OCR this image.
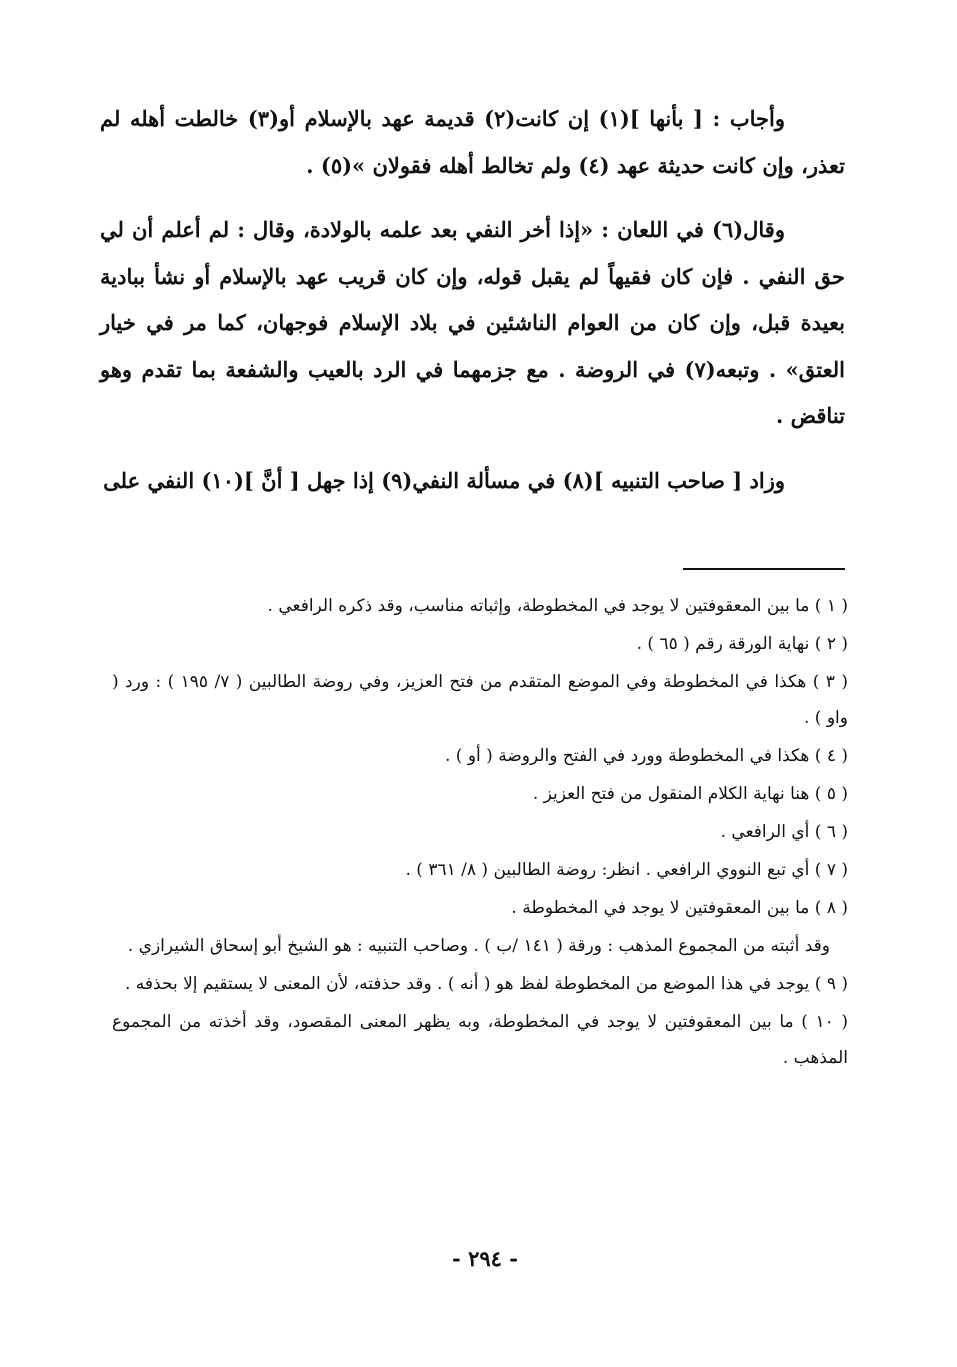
وأجاب : [ بأنها ](١) إن كانت(٢) قديمة عهد بالإسلام أو(٣) خالطت أهله لم تعذر، وإن كانت حديثة عهد (٤) ولم تخالط أهله فقولان »(٥) .

وقال(٦) في اللعان : «إذا أخر النفي بعد علمه بالولادة، وقال : لم أعلم أن لي حق النفي . فإن كان فقيهاً لم يقبل قوله، وإن كان قريب عهد بالإسلام أو نشأ ببادية بعيدة قبل، وإن كان من العوام الناشئين في بلاد الإسلام فوجهان، كما مر في خيار العتق» . وتبعه(٧) في الروضة . مع جزمهما في الرد بالعيب والشفعة بما تقدم وهو تناقض .

وزاد [ صاحب التنبيه ](٨) في مسألة النفي(٩) إذا جهل [ أنَّ ](١٠) النفي على

( ١ ) ما بين المعقوفتين لا يوجد في المخطوطة، وإثباته مناسب، وقد ذكره الرافعي .
( ٢ ) نهاية الورقة رقم ( ٦٥ ) .
( ٣ ) هكذا في المخطوطة وفي الموضع المتقدم من فتح العزيز، وفي روضة الطالبين ( ٧/ ١٩٥ ) : ورد ( واو ) .
( ٤ ) هكذا في المخطوطة وورد في الفتح والروضة ( أو ) .
( ٥ ) هنا نهاية الكلام المنقول من فتح العزيز .
( ٦ ) أي الرافعي .
( ٧ ) أي تبع النووي الرافعي . انظر: روضة الطالبين ( ٨/ ٣٦١ ) .
( ٨ ) ما بين المعقوفتين لا يوجد في المخطوطة .
وقد أثبته من المجموع المذهب : ورقة ( ١٤١ /ب ) . وصاحب التنبيه : هو الشيخ أبو إسحاق الشيرازي .
( ٩ ) يوجد في هذا الموضع من المخطوطة لفظ هو ( أنه ) . وقد حذفته، لأن المعنى لا يستقيم إلا بحذفه .
( ١٠ ) ما بين المعقوفتين لا يوجد في المخطوطة، وبه يظهر المعنى المقصود، وقد أخذته من المجموع المذهب .
- ٢٩٤ -
